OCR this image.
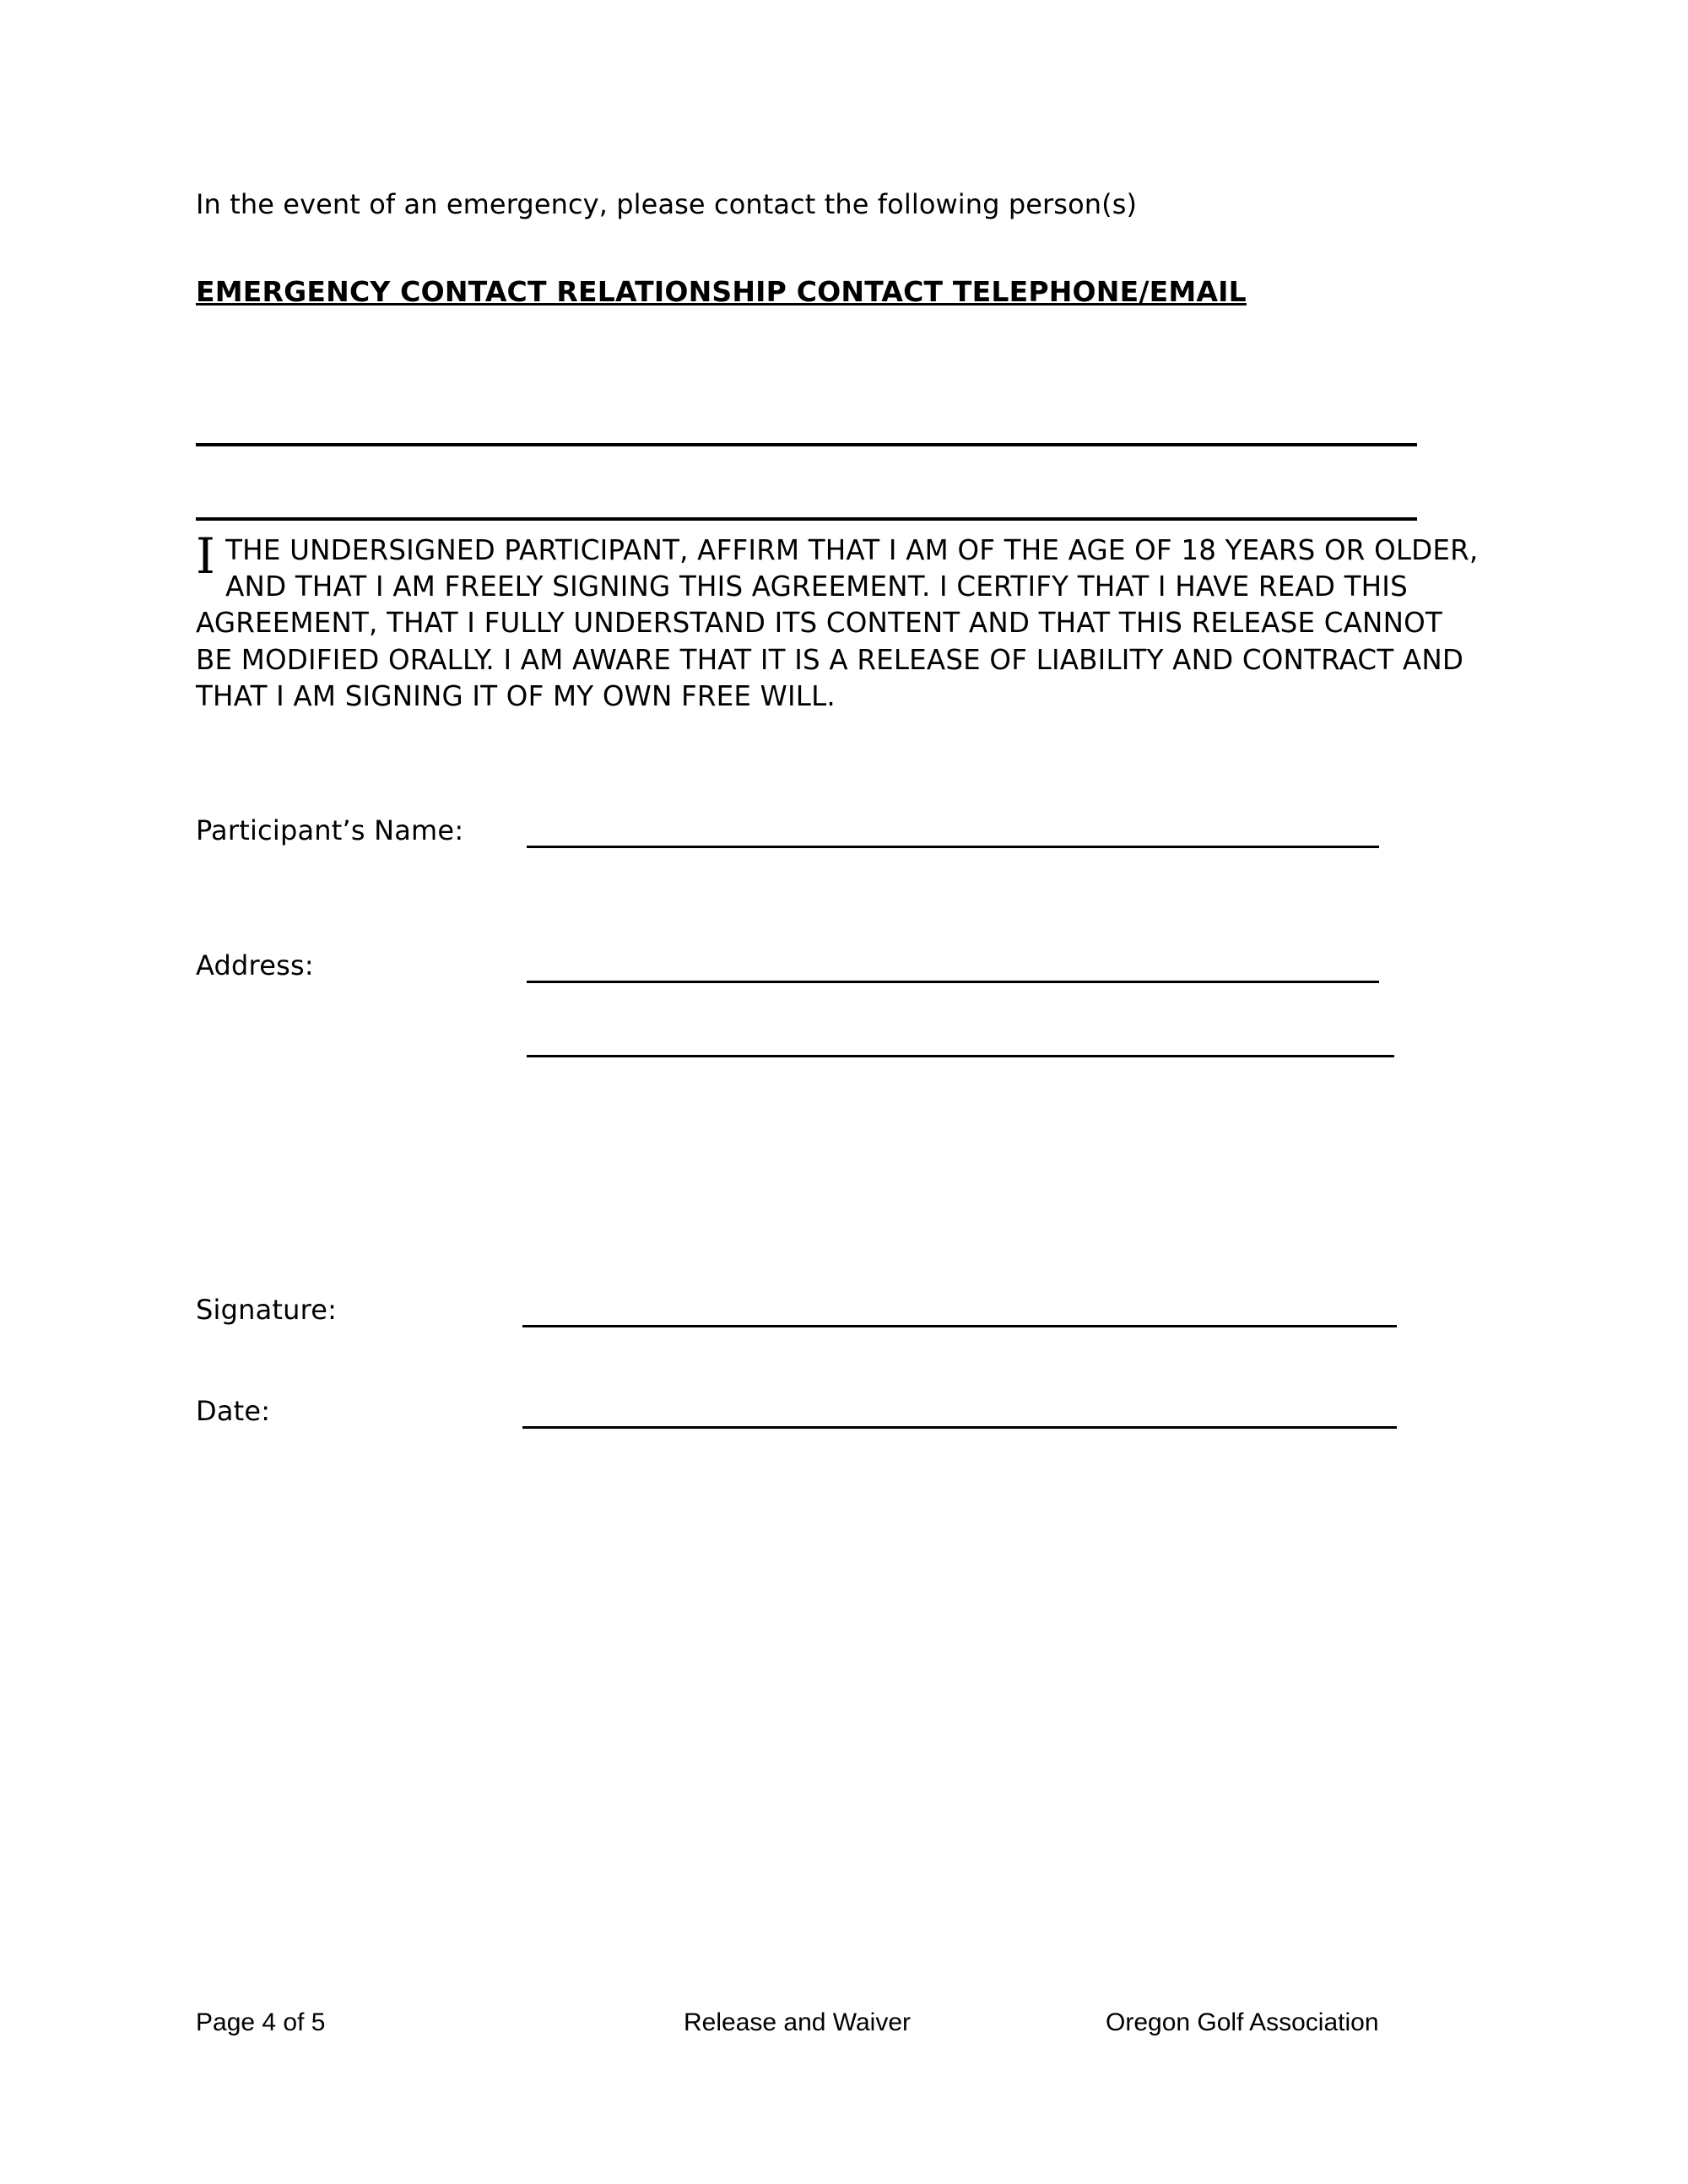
In the event of an emergency, please contact the following person(s)
EMERGENCY CONTACT RELATIONSHIP CONTACT TELEPHONE/EMAIL
I THE UNDERSIGNED PARTICIPANT, AFFIRM THAT I AM OF THE AGE OF 18 YEARS OR OLDER, AND THAT I AM FREELY SIGNING THIS AGREEMENT. I CERTIFY THAT I HAVE READ THIS AGREEMENT, THAT I FULLY UNDERSTAND ITS CONTENT AND THAT THIS RELEASE CANNOT BE MODIFIED ORALLY. I AM AWARE THAT IT IS A RELEASE OF LIABILITY AND CONTRACT AND THAT I AM SIGNING IT OF MY OWN FREE WILL.
Participant’s Name:
Address:
Signature:
Date:
Page 4 of 5	Release and Waiver	Oregon Golf Association
